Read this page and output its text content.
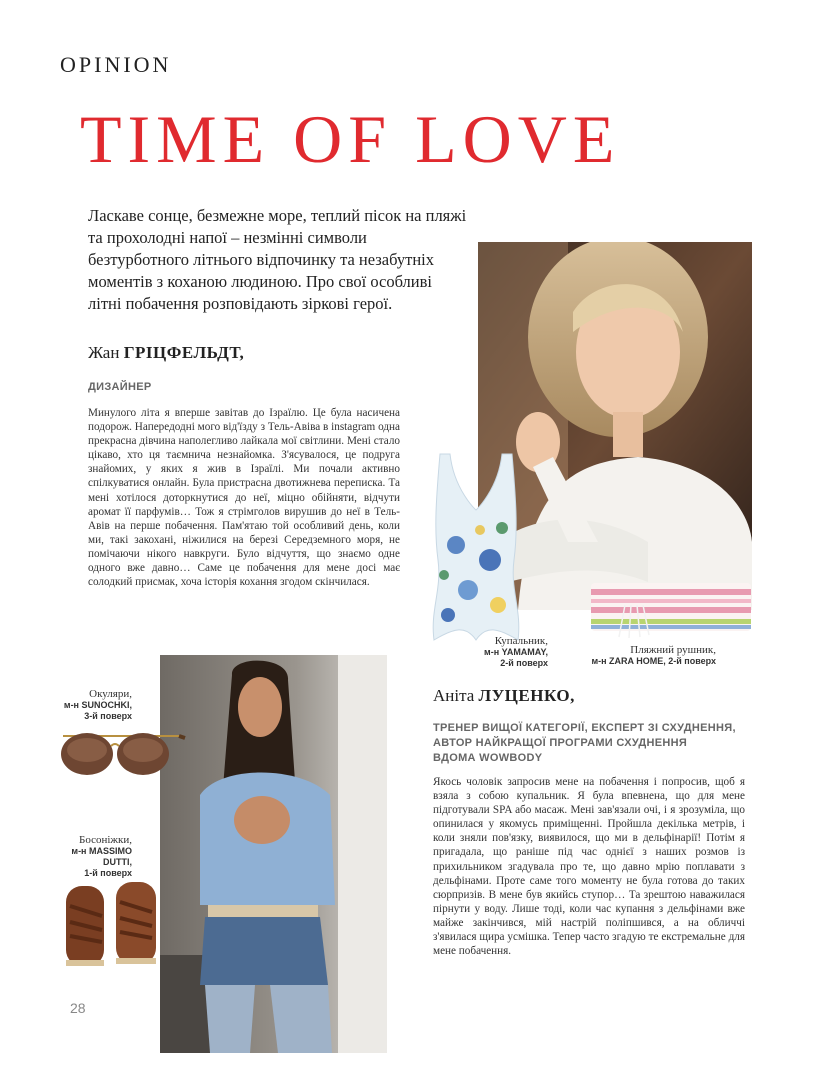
OPINION
TIME OF LOVE
Ласкаве сонце, безмежне море, теплий пісок на пляжі та прохолодні напої – незмінні символи безтурботного літнього відпочинку та незабутніх моментів з коханою людиною. Про свої особливі літні побачення розповідають зіркові герої.
Купальник,
м-н YAMAMAY,
2-й поверх
Пляжний рушник,
м-н ZARA HOME, 2-й поверх
Жан ГРІЦФЕЛЬДТ,
ДИЗАЙНЕР
Минулого літа я вперше завітав до Ізраїлю. Це була насичена подорож. Напередодні мого від'їзду з Тель-Авіва в instagram одна прекрасна дівчина наполегливо лайкала мої світлини. Мені стало цікаво, хто ця таємнича незнайомка. З'ясувалося, це подруга знайомих, у яких я жив в Ізраїлі. Ми почали активно спілкуватися онлайн. Була пристрасна двотижнева переписка. Та мені хотілося доторкнутися до неї, міцно обійняти, відчути аромат її парфумів… Тож я стрімголов вирушив до неї в Тель-Авів на перше побачення. Пам'ятаю той особливий день, коли ми, такі закохані, ніжилися на березі Середземного моря, не помічаючи нікого навкруги. Було відчуття, що знаємо одне одного вже давно… Саме це побачення для мене досі має солодкий присмак, хоча історія кохання згодом скінчилася.
Окуляри,
м-н SUNOCHKI,
3-й поверх
Босоніжки,
м-н MASSIMO DUTTI,
1-й поверх
Аніта ЛУЦЕНКО,
ТРЕНЕР ВИЩОЇ КАТЕГОРІЇ, ЕКСПЕРТ ЗІ СХУДНЕННЯ,
АВТОР НАЙКРАЩОЇ ПРОГРАМИ СХУДНЕННЯ
ВДОМА WOWBODY
Якось чоловік запросив мене на побачення і попросив, щоб я взяла з собою купальник. Я була впевнена, що для мене підготували SPA або масаж. Мені зав'язали очі, і я зрозуміла, що опинилася у якомусь приміщенні. Пройшла декілька метрів, і коли зняли пов'язку, виявилося, що ми в дельфінарії! Потім я пригадала, що раніше під час однієї з наших розмов із прихильником згадувала про те, що давно мрію поплавати з дельфінами. Проте саме того моменту не була готова до таких сюрпризів. В мене був якийсь ступор… Та зрештою наважилася пірнути у воду. Лише тоді, коли час купання з дельфінами вже майже закінчився, мій настрій поліпшився, а на обличчі з'явилася щира усмішка. Тепер часто згадую те екстремальне для мене побачення.
28
